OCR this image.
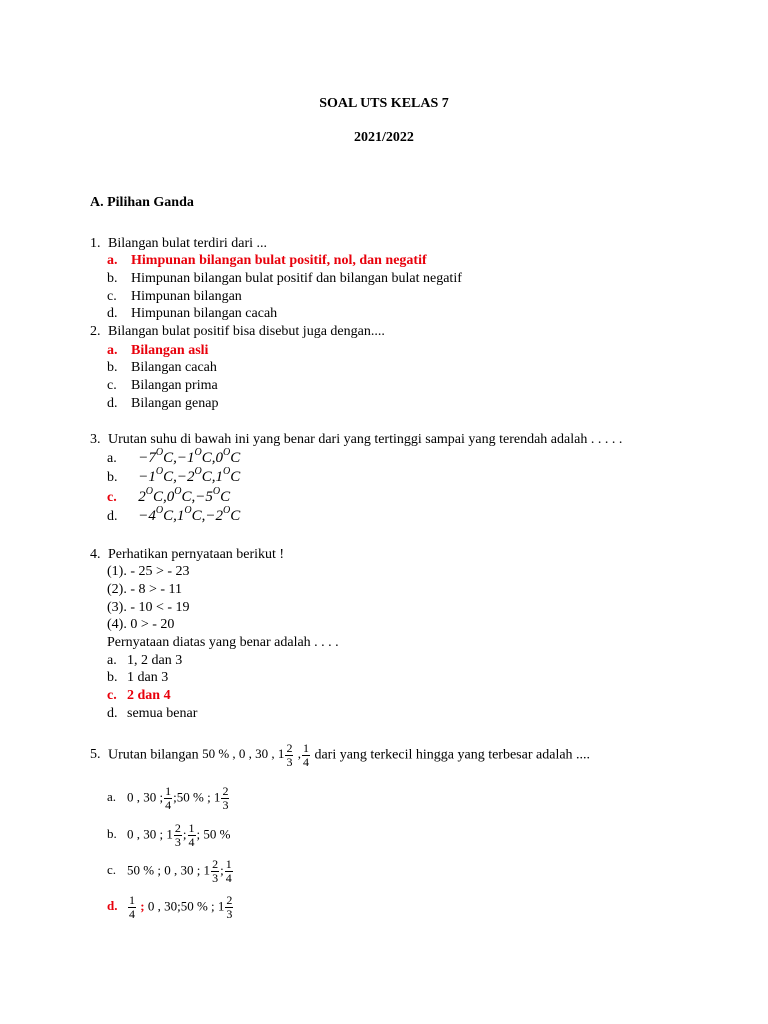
SOAL UTS KELAS 7
2021/2022
A. Pilihan Ganda
1. Bilangan bulat terdiri dari ...
a. Himpunan bilangan bulat positif, nol, dan negatif
b. Himpunan bilangan bulat positif dan bilangan bulat negatif
c. Himpunan bilangan
d. Himpunan bilangan cacah
2. Bilangan bulat positif bisa disebut juga dengan....
a. Bilangan asli
b. Bilangan cacah
c. Bilangan prima
d. Bilangan genap
3. Urutan suhu di bawah ini yang benar dari yang tertinggi sampai yang terendah adalah . . . . .
a. $-7^OC,-1^OC,0^OC$
b. $-1^OC,-2^OC,1^OC$
c. $2^OC,0^OC,-5^OC$
d. $-4^OC,1^OC,-2^OC$
4. Perhatikan pernyataan berikut !
(1). - 25 > - 23
(2). - 8 > - 11
(3). - 10 < - 19
(4). 0 > - 20
Pernyataan diatas yang benar adalah . . . .
a. 1, 2 dan 3
b. 1 dan 3
c. 2 dan 4
d. semua benar
5. Urutan bilangan 50 % , 0 , 30 , $1 \frac{2}{3}$ , $\frac{1}{4}$ dari yang terkecil hingga yang terbesar adalah ....
a. 0 , 30 ; $\frac{1}{4}$ ;50 % ; $1 \frac{2}{3}$
b. 0 , 30 ; $1 \frac{2}{3}$ ; $\frac{1}{4}$ ; 50 %
c. 50 % ; 0 , 30 ; $1 \frac{2}{3}$ ; $\frac{1}{4}$
d. $\frac{1}{4}$ ; 0 , 30;50 % ; $1 \frac{2}{3}$
